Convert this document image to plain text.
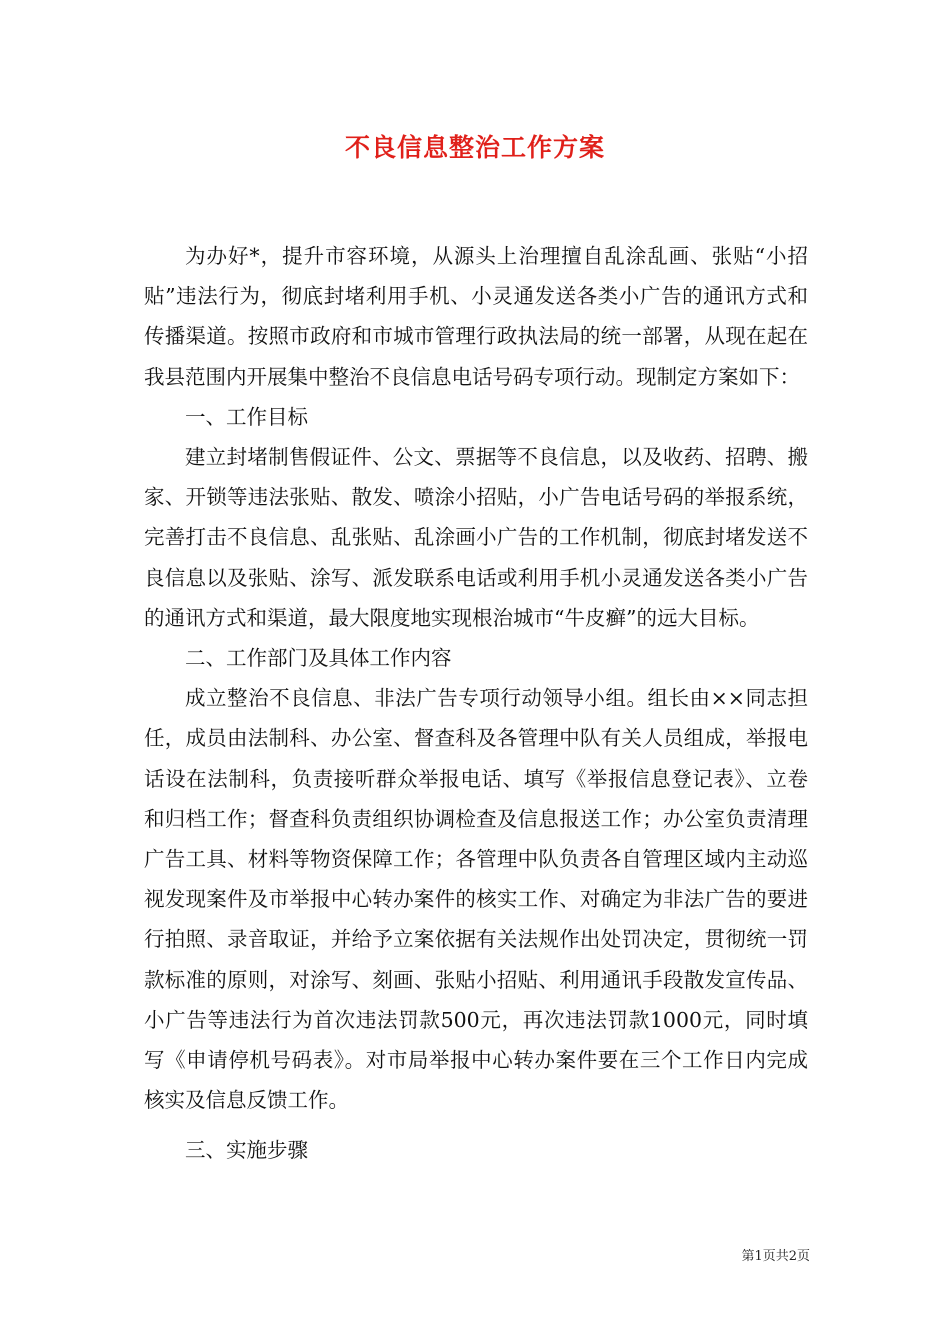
不良信息整治工作方案

为办好*，提升市容环境，从源头上治理擅自乱涂乱画、张贴“小招贴”违法行为，彻底封堵利用手机、小灵通发送各类小广告的通讯方式和传播渠道。按照市政府和市城市管理行政执法局的统一部署，从现在起在我县范围内开展集中整治不良信息电话号码专项行动。现制定方案如下：

一、工作目标

建立封堵制售假证件、公文、票据等不良信息，以及收药、招聘、搬家、开锁等违法张贴、散发、喷涂小招贴，小广告电话号码的举报系统，完善打击不良信息、乱张贴、乱涂画小广告的工作机制，彻底封堵发送不良信息以及张贴、涂写、派发联系电话或利用手机小灵通发送各类小广告的通讯方式和渠道，最大限度地实现根治城市“牛皮癣”的远大目标。

二、工作部门及具体工作内容

成立整治不良信息、非法广告专项行动领导小组。组长由××同志担任，成员由法制科、办公室、督查科及各管理中队有关人员组成，举报电话设在法制科，负责接听群众举报电话、填写《举报信息登记表》、立卷和归档工作；督查科负责组织协调检查及信息报送工作；办公室负责清理广告工具、材料等物资保障工作；各管理中队负责各自管理区域内主动巡视发现案件及市举报中心转办案件的核实工作、对确定为非法广告的要进行拍照、录音取证，并给予立案依据有关法规作出处罚决定，贯彻统一罚款标准的原则，对涂写、刻画、张贴小招贴、利用通讯手段散发宣传品、小广告等违法行为首次违法罚款500元，再次违法罚款1000元，同时填写《申请停机号码表》。对市局举报中心转办案件要在三个工作日内完成核实及信息反馈工作。

三、实施步骤

第1页共2页
